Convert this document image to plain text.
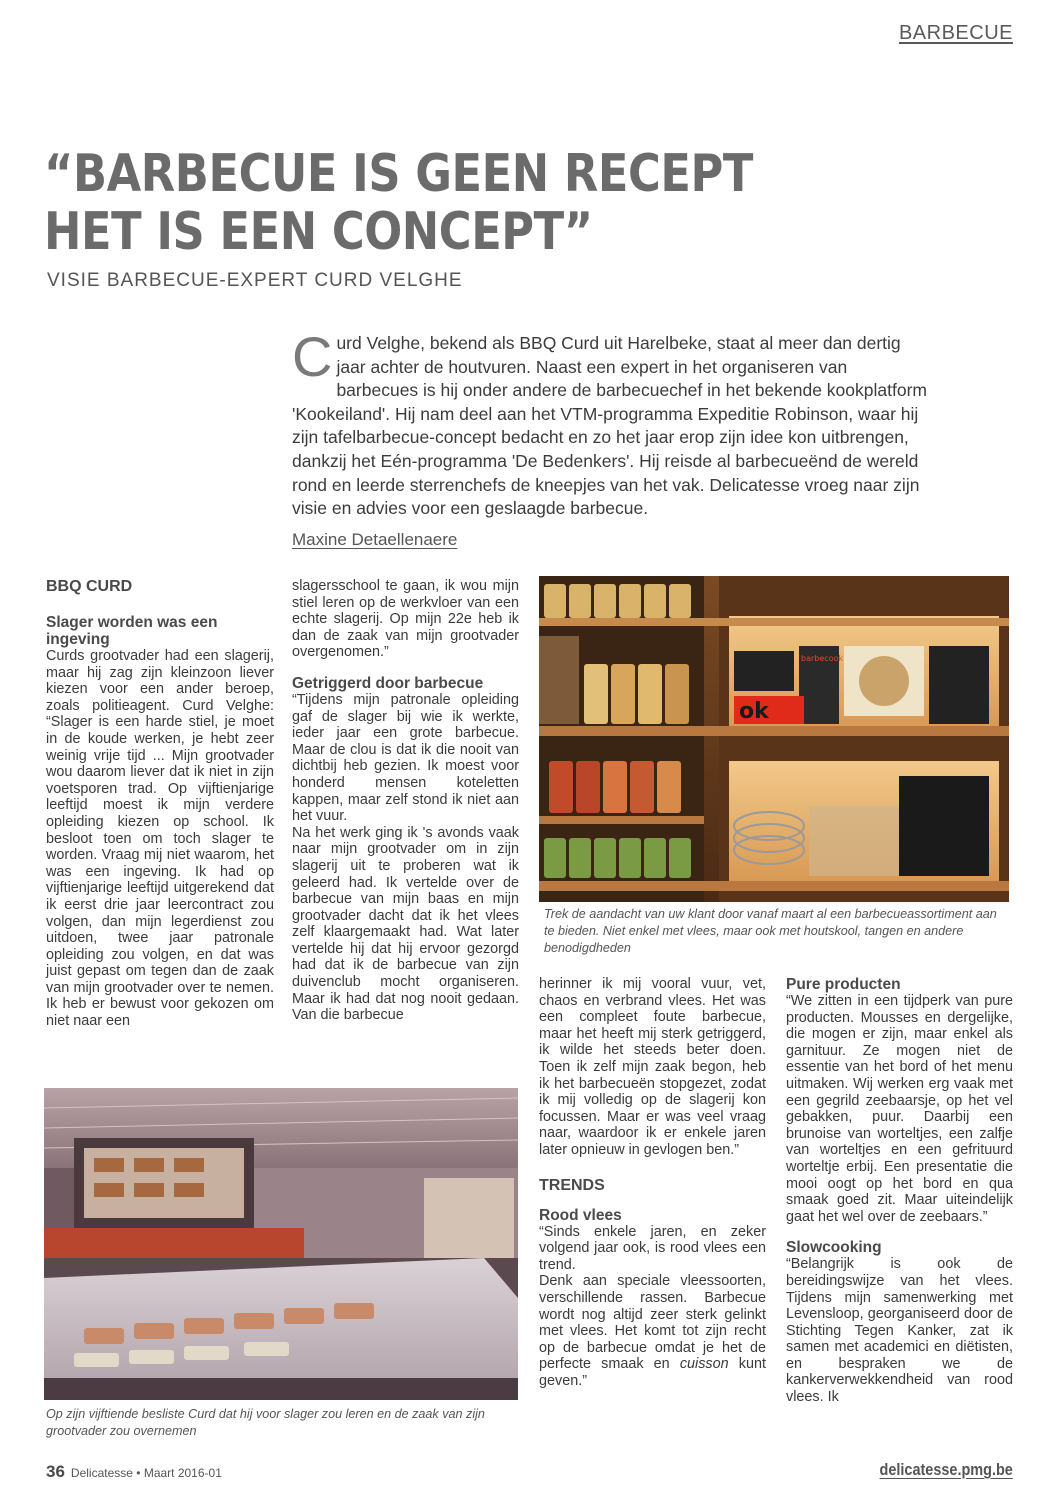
BARBECUE
“BARBECUE IS GEEN RECEPT
HET IS EEN CONCEPT”
VISIE BARBECUE-EXPERT CURD VELGHE

Curd Velghe, bekend als BBQ Curd uit Harelbeke, staat al meer dan dertig jaar achter de houtvuren. Naast een expert in het organiseren van barbecues is hij onder andere de barbecuechef in het bekende kookplatform 'Kookeiland'. Hij nam deel aan het VTM-programma Expeditie Robinson, waar hij zijn tafelbarbecue-concept bedacht en zo het jaar erop zijn idee kon uitbrengen, dankzij het Eén-programma 'De Bedenkers'. Hij reisde al barbecueënd de wereld rond en leerde sterrenchefs de kneepjes van het vak. Delicatesse vroeg naar zijn visie en advies voor een geslaagde barbecue.

Maxine Detaellenaere
BBQ CURD
Slager worden was een ingeving

Curds grootvader had een slagerij, maar hij zag zijn kleinzoon liever kiezen voor een ander beroep, zoals politieagent. Curd Velghe: “Slager is een harde stiel, je moet in de koude werken, je hebt zeer weinig vrije tijd ... Mijn grootvader wou daarom liever dat ik niet in zijn voetsporen trad. Op vijftienjarige leeftijd moest ik mijn verdere opleiding kiezen op school. Ik besloot toen om toch slager te worden. Vraag mij niet waarom, het was een ingeving. Ik had op vijftienjarige leeftijd uitgerekend dat ik eerst drie jaar leercontract zou volgen, dan mijn legerdienst zou uitdoen, twee jaar patronale opleiding zou volgen, en dat was juist gepast om tegen dan de zaak van mijn grootvader over te nemen. Ik heb er bewust voor gekozen om niet naar een

slagersschool te gaan, ik wou mijn stiel leren op de werkvloer van een echte slagerij. Op mijn 22e heb ik dan de zaak van mijn grootvader overgenomen.”

Getriggerd door barbecue

“Tijdens mijn patronale opleiding gaf de slager bij wie ik werkte, ieder jaar een grote barbecue. Maar de clou is dat ik die nooit van dichtbij heb gezien. Ik moest voor honderd mensen koteletten kappen, maar zelf stond ik niet aan het vuur.

Na het werk ging ik 's avonds vaak naar mijn grootvader om in zijn slagerij uit te proberen wat ik geleerd had. Ik vertelde over de barbecue van mijn baas en mijn grootvader dacht dat ik het vlees zelf klaargemaakt had. Wat later vertelde hij dat hij ervoor gezorgd had dat ik de barbecue van zijn duivenclub mocht organiseren. Maar ik had dat nog nooit gedaan. Van die barbecue

barbecook
ok

Trek de aandacht van uw klant door vanaf maart al een barbecueassortiment aan te bieden. Niet enkel met vlees, maar ook met houtskool, tangen en andere benodigdheden

Op zijn vijftiende besliste Curd dat hij voor slager zou leren en de zaak van zijn grootvader zou overnemen

herinner ik mij vooral vuur, vet, chaos en verbrand vlees. Het was een compleet foute barbecue, maar het heeft mij sterk getriggerd, ik wilde het steeds beter doen. Toen ik zelf mijn zaak begon, heb ik het barbecueën stopgezet, zodat ik mij volledig op de slagerij kon focussen. Maar er was veel vraag naar, waardoor ik er enkele jaren later opnieuw in gevlogen ben.”

TRENDS
Rood vlees

“Sinds enkele jaren, en zeker volgend jaar ook, is rood vlees een trend.

Denk aan speciale vleessoorten, verschillende rassen. Barbecue wordt nog altijd zeer sterk gelinkt met vlees. Het komt tot zijn recht op de barbecue omdat je het de perfecte smaak en cuisson kunt geven.”

Pure producten

“We zitten in een tijdperk van pure producten. Mousses en dergelijke, die mogen er zijn, maar enkel als garnituur. Ze mogen niet de essentie van het bord of het menu uitmaken. Wij werken erg vaak met een gegrild zeebaarsje, op het vel gebakken, puur. Daarbij een brunoise van worteltjes, een zalfje van worteltjes en een gefrituurd worteltje erbij. Een presentatie die mooi oogt op het bord en qua smaak goed zit. Maar uiteindelijk gaat het wel over de zeebaars.”

Slowcooking

“Belangrijk is ook de bereidingswijze van het vlees. Tijdens mijn samenwerking met Levensloop, georganiseerd door de Stichting Tegen Kanker, zat ik samen met academici en diëtisten, en bespraken we de kankerverwekkendheid van rood vlees. Ik

36 Delicatesse • Maart 2016-01	delicatesse.pmg.be
